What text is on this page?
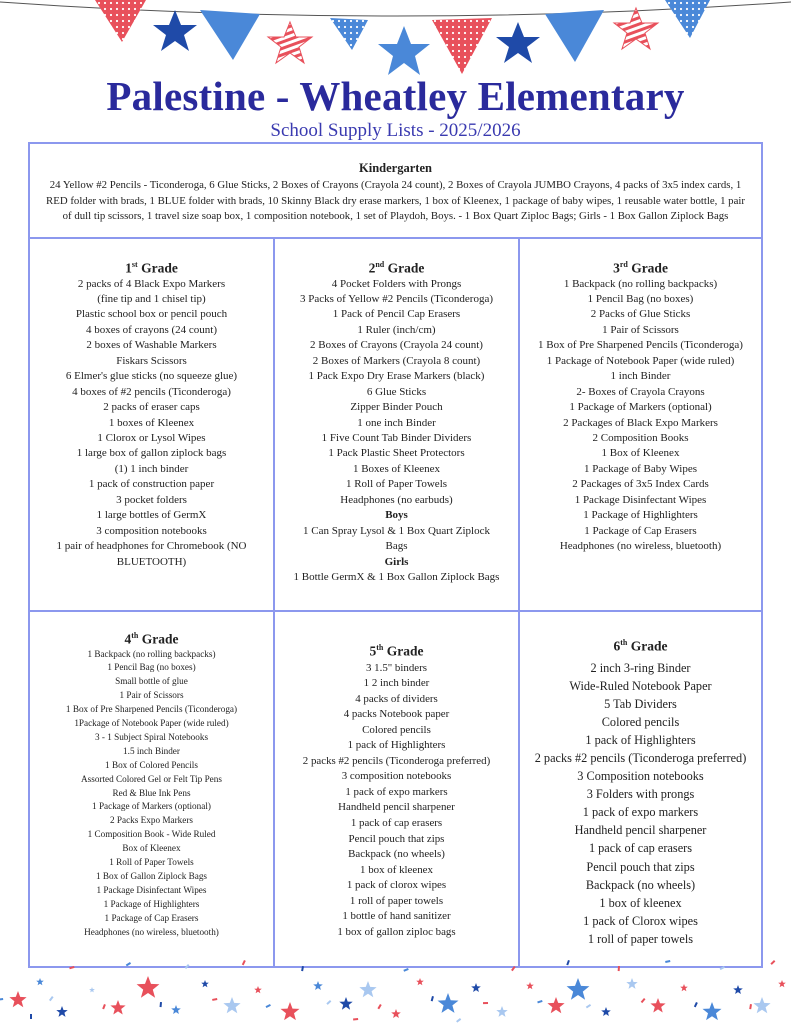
Palestine - Wheatley Elementary
School Supply Lists - 2025/2026
Kindergarten
24 Yellow #2 Pencils - Ticonderoga, 6 Glue Sticks, 2 Boxes of Crayons (Crayola 24 count), 2 Boxes of Crayola JUMBO Crayons, 4 packs of 3x5 index cards, 1 RED folder with brads, 1 BLUE folder with brads, 10 Skinny Black dry erase markers, 1 box of Kleenex, 1 package of baby wipes, 1 reusable water bottle, 1 pair of dull tip scissors, 1 travel size soap box, 1 composition notebook, 1 set of Playdoh, Boys. - 1 Box Quart Ziploc Bags; Girls - 1 Box Gallon Ziplock Bags
1st Grade
2 packs of 4 Black Expo Markers
(fine tip and 1 chisel tip)
Plastic school box or pencil pouch
4 boxes of crayons (24 count)
2 boxes of Washable Markers
Fiskars Scissors
6 Elmer's glue sticks (no squeeze glue)
4 boxes of #2 pencils (Ticonderoga)
2 packs of eraser caps
1 boxes of Kleenex
1 Clorox or Lysol Wipes
1 large box of gallon ziplock bags
(1) 1 inch binder
1 pack of construction paper
3 pocket folders
1 large bottles of GermX
3 composition notebooks
1 pair of headphones for Chromebook (NO BLUETOOTH)
2nd Grade
4 Pocket Folders with Prongs
3 Packs of Yellow #2 Pencils (Ticonderoga)
1 Pack of Pencil Cap Erasers
1 Ruler (inch/cm)
2 Boxes of Crayons (Crayola 24 count)
2 Boxes of Markers (Crayola 8 count)
1 Pack Expo Dry Erase Markers (black)
6 Glue Sticks
Zipper Binder Pouch
1 one inch Binder
1 Five Count Tab Binder Dividers
1 Pack Plastic Sheet Protectors
1 Boxes of Kleenex
1 Roll of Paper Towels
Headphones (no earbuds)
Boys
1 Can Spray Lysol & 1 Box Quart Ziplock Bags
Girls
1 Bottle GermX & 1 Box Gallon Ziplock Bags
3rd Grade
1 Backpack (no rolling backpacks)
1 Pencil Bag (no boxes)
2 Packs of Glue Sticks
1 Pair of Scissors
1 Box of Pre Sharpened Pencils (Ticonderoga)
1 Package of Notebook Paper (wide ruled)
1 inch Binder
2- Boxes of Crayola Crayons
1 Package of Markers (optional)
2 Packages of Black Expo Markers
2 Composition Books
1 Box of Kleenex
1 Package of Baby Wipes
2 Packages of 3x5 Index Cards
1 Package Disinfectant Wipes
1 Package of Highlighters
1 Package of Cap Erasers
Headphones (no wireless, bluetooth)
4th Grade
1 Backpack (no rolling backpacks)
1 Pencil Bag (no boxes)
Small bottle of glue
1 Pair of Scissors
1 Box of Pre Sharpened Pencils (Ticonderoga)
1Package of Notebook Paper (wide ruled)
3 - 1 Subject Spiral Notebooks
1.5 inch Binder
1 Box of Colored Pencils
Assorted Colored Gel or Felt Tip Pens
Red & Blue Ink Pens
1 Package of Markers (optional)
2 Packs Expo Markers
1 Composition Book - Wide Ruled
Box of Kleenex
1 Roll of Paper Towels
1 Box of Gallon Ziplock Bags
1 Package Disinfectant Wipes
1 Package of Highlighters
1 Package of Cap Erasers
Headphones (no wireless, bluetooth)
5th Grade
3 1.5" binders
1 2 inch binder
4 packs of dividers
4 packs Notebook paper
Colored pencils
1 pack of Highlighters
2 packs #2 pencils (Ticonderoga preferred)
3 composition notebooks
1 pack of expo markers
Handheld pencil sharpener
1 pack of cap erasers
Pencil pouch that zips
Backpack (no wheels)
1 box of kleenex
1 pack of clorox wipes
1 roll of paper towels
1 bottle of hand sanitizer
1 box of gallon ziploc bags
6th Grade
2 inch 3-ring Binder
Wide-Ruled Notebook Paper
5 Tab Dividers
Colored pencils
1 pack of Highlighters
2 packs #2 pencils (Ticonderoga preferred)
3 Composition notebooks
3 Folders with prongs
1 pack of expo markers
Handheld pencil sharpener
1 pack of cap erasers
Pencil pouch that zips
Backpack (no wheels)
1 box of kleenex
1 pack of Clorox wipes
1 roll of paper towels
